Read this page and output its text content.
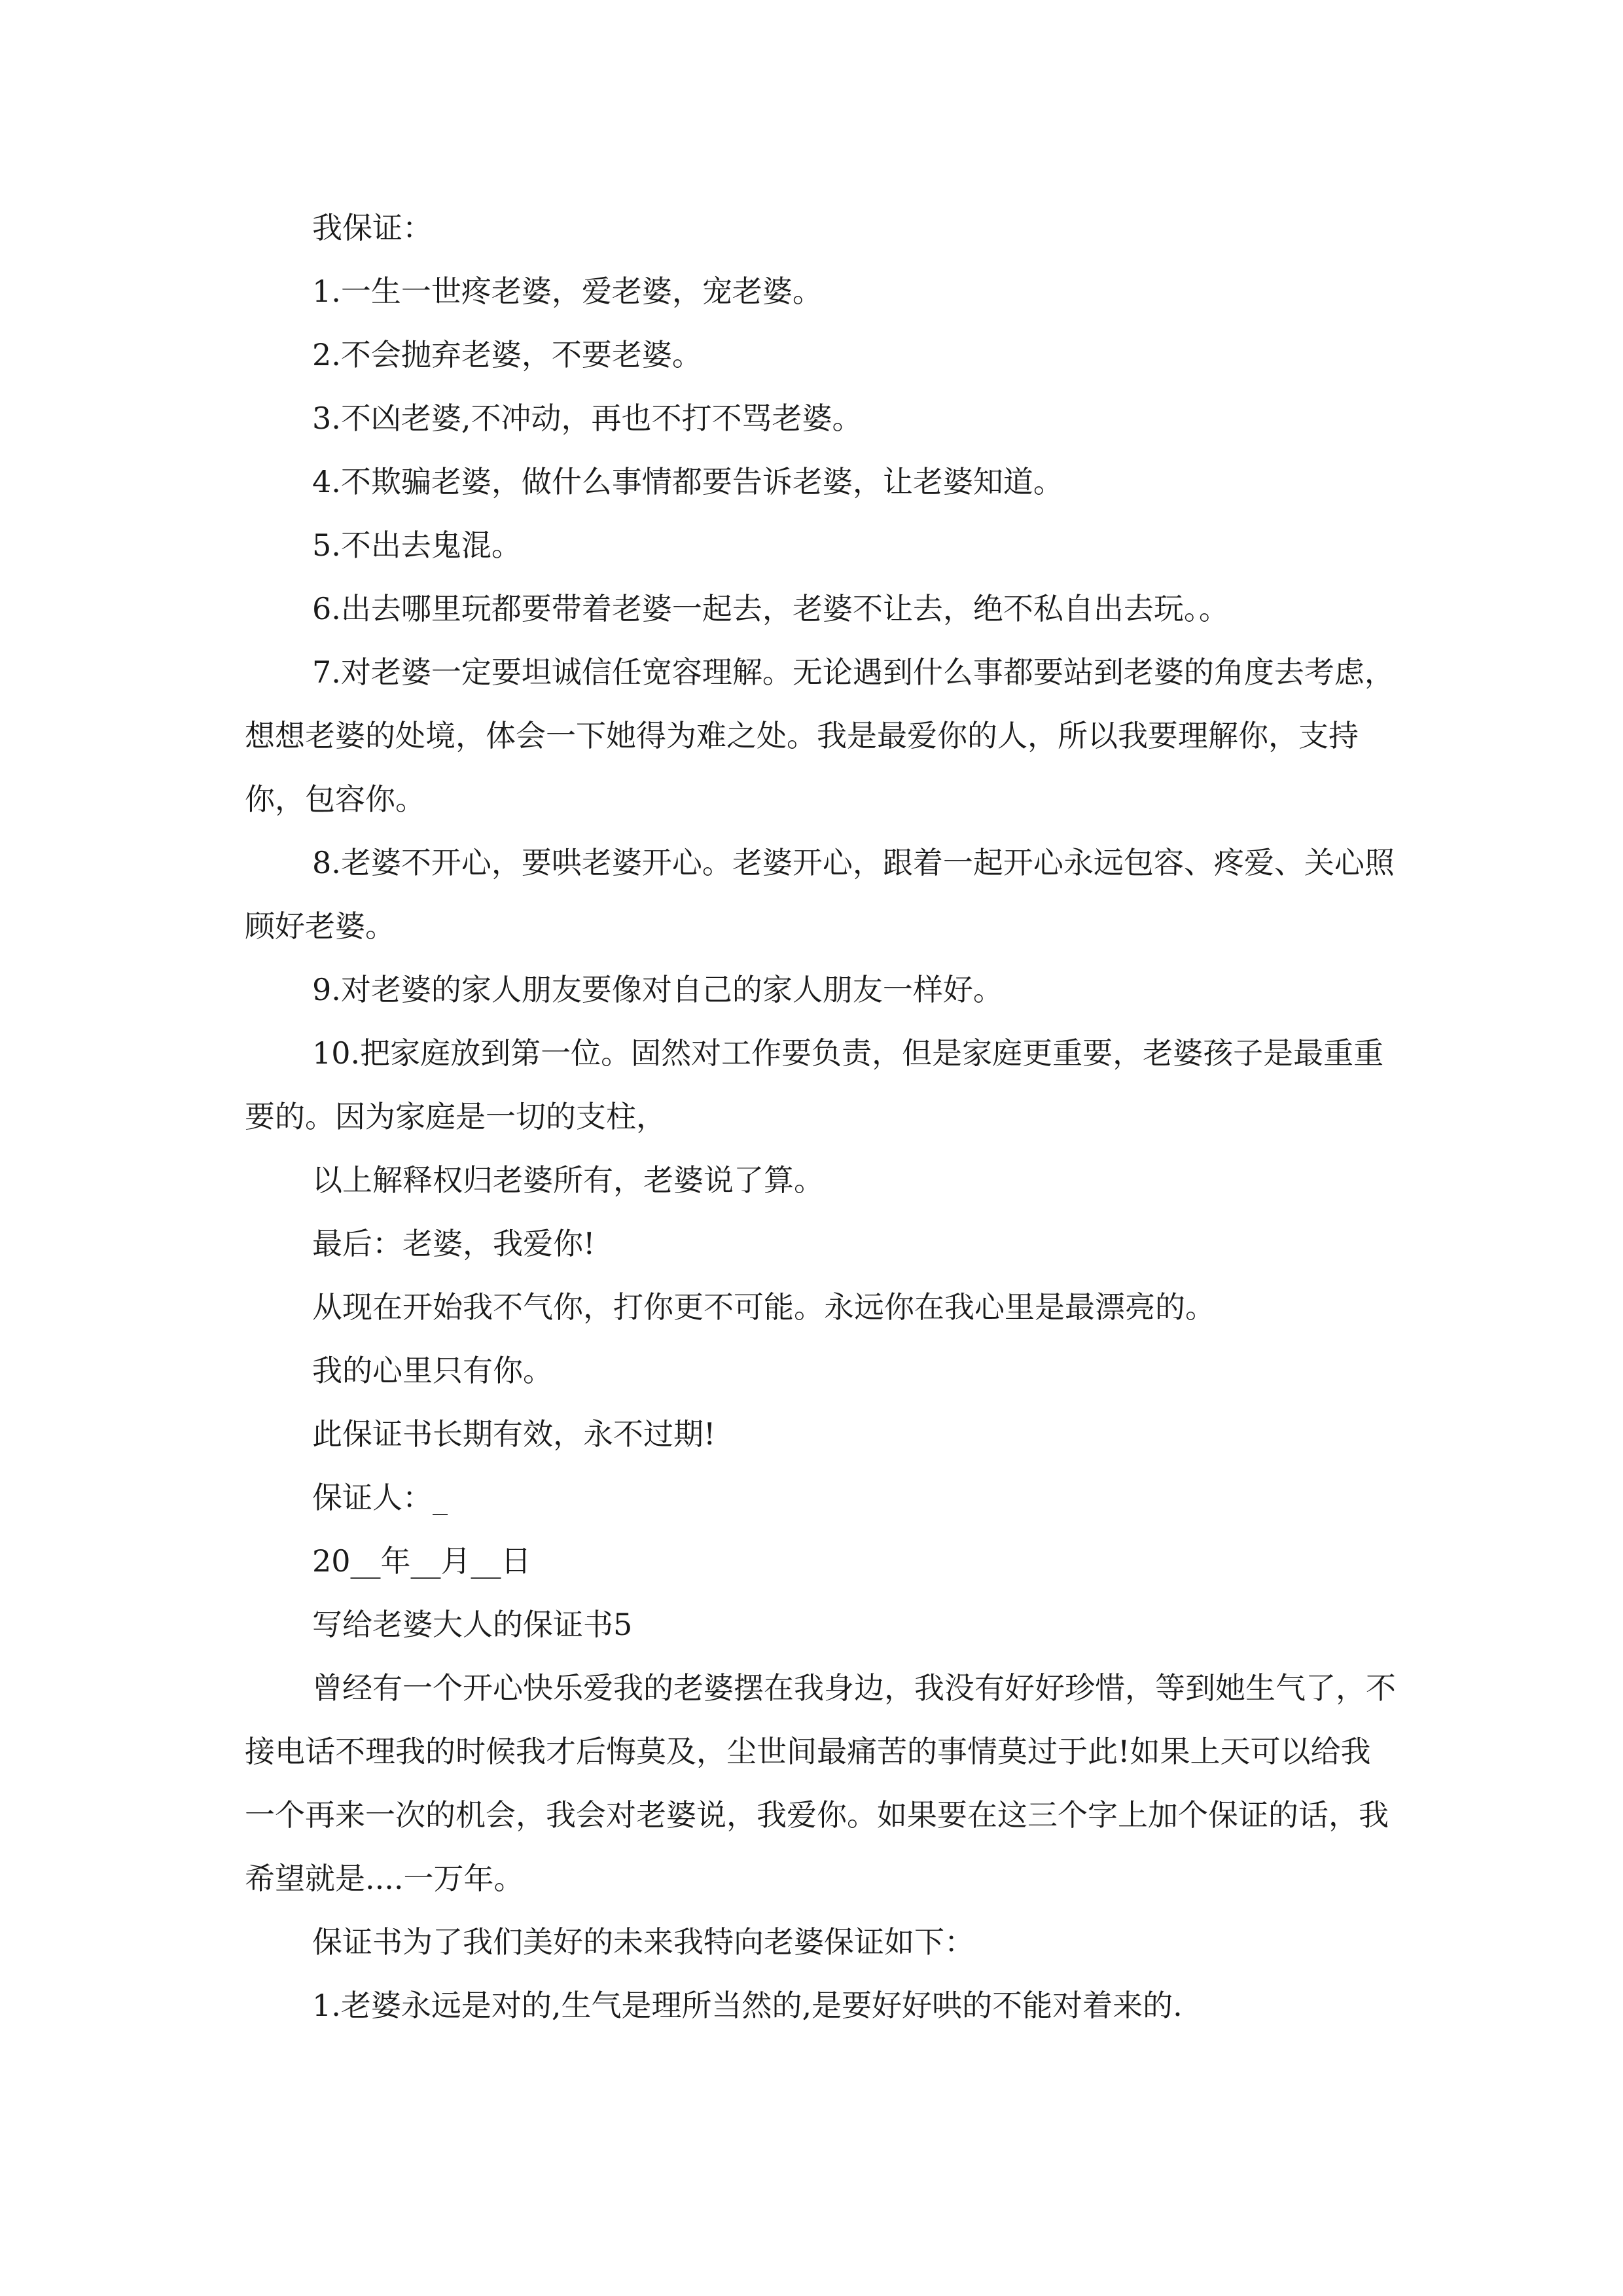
我保证：

1.一生一世疼老婆，爱老婆，宠老婆。

2.不会抛弃老婆，不要老婆。

3.不凶老婆,不冲动，再也不打不骂老婆。

4.不欺骗老婆，做什么事情都要告诉老婆，让老婆知道。

5.不出去鬼混。

6.出去哪里玩都要带着老婆一起去，老婆不让去，绝不私自出去玩。。

7.对老婆一定要坦诚信任宽容理解。无论遇到什么事都要站到老婆的角度去考虑，想想老婆的处境，体会一下她得为难之处。我是最爱你的人，所以我要理解你，支持你，包容你。

8.老婆不开心，要哄老婆开心。老婆开心，跟着一起开心永远包容、疼爱、关心照顾好老婆。

9.对老婆的家人朋友要像对自己的家人朋友一样好。

10.把家庭放到第一位。固然对工作要负责，但是家庭更重要，老婆孩子是最重重要的。因为家庭是一切的支柱，

以上解释权归老婆所有，老婆说了算。

最后：老婆，我爱你!

从现在开始我不气你，打你更不可能。永远你在我心里是最漂亮的。

我的心里只有你。

此保证书长期有效，永不过期!

保证人：_

20__年__月__日

写给老婆大人的保证书5

曾经有一个开心快乐爱我的老婆摆在我身边，我没有好好珍惜，等到她生气了，不接电话不理我的时候我才后悔莫及，尘世间最痛苦的事情莫过于此!如果上天可以给我一个再来一次的机会，我会对老婆说，我爱你。如果要在这三个字上加个保证的话，我希望就是....一万年。

保证书为了我们美好的未来我特向老婆保证如下：

1.老婆永远是对的,生气是理所当然的,是要好好哄的不能对着来的.
